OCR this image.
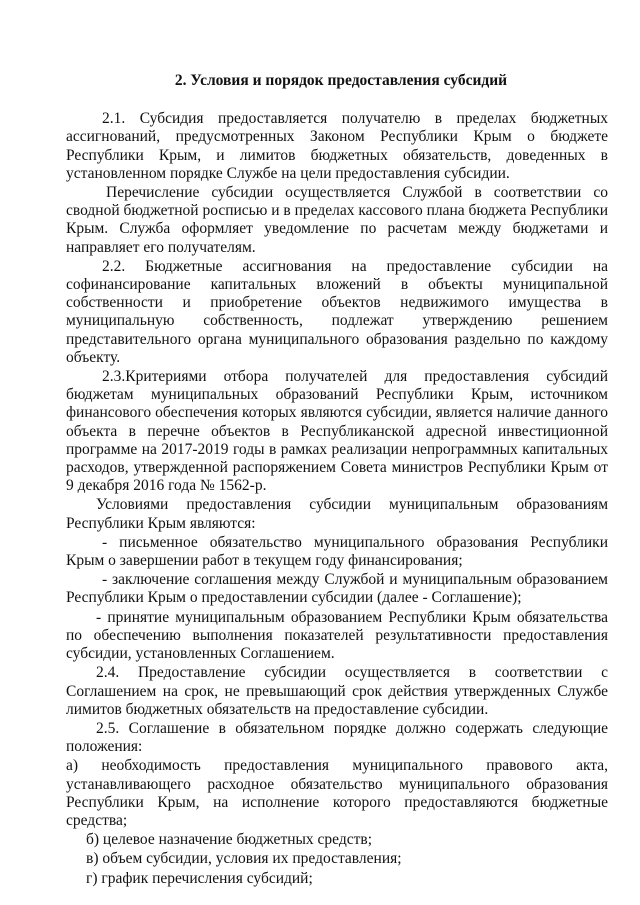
2. Условия и порядок предоставления субсидий
2.1. Субсидия предоставляется получателю в пределах бюджетных ассигнований, предусмотренных Законом Республики Крым о бюджете Республики Крым, и лимитов бюджетных обязательств, доведенных в установленном порядке Службе на цели предоставления субсидии.
Перечисление субсидии осуществляется Службой в соответствии со сводной бюджетной росписью и в пределах кассового плана бюджета Республики Крым. Служба оформляет уведомление по расчетам между бюджетами и направляет его получателям.
2.2. Бюджетные ассигнования на предоставление субсидии на софинансирование капитальных вложений в объекты муниципальной собственности и приобретение объектов недвижимого имущества в муниципальную собственность, подлежат утверждению решением представительного органа муниципального образования раздельно по каждому объекту.
2.3.Критериями отбора получателей для предоставления субсидий бюджетам муниципальных образований Республики Крым, источником финансового обеспечения которых являются субсидии, является наличие данного объекта в перечне объектов в Республиканской адресной инвестиционной программе на 2017-2019 годы в рамках реализации непрограммных капитальных расходов, утвержденной распоряжением Совета министров Республики Крым от 9 декабря 2016 года № 1562-р.
Условиями предоставления субсидии муниципальным образованиям Республики Крым являются:
- письменное обязательство муниципального образования Республики Крым о завершении работ в текущем году финансирования;
- заключение соглашения между Службой и муниципальным образованием Республики Крым о предоставлении субсидии (далее - Соглашение);
- принятие муниципальным образованием Республики Крым обязательства по обеспечению выполнения показателей результативности предоставления субсидии, установленных Соглашением.
2.4. Предоставление субсидии осуществляется в соответствии с Соглашением на срок, не превышающий срок действия утвержденных Службе лимитов бюджетных обязательств на предоставление субсидии.
2.5. Соглашение в обязательном порядке должно содержать следующие положения:
а) необходимость предоставления муниципального правового акта, устанавливающего расходное обязательство муниципального образования Республики Крым, на исполнение которого предоставляются бюджетные средства;
б) целевое назначение бюджетных средств;
в) объем субсидии, условия их предоставления;
г) график перечисления субсидий;
